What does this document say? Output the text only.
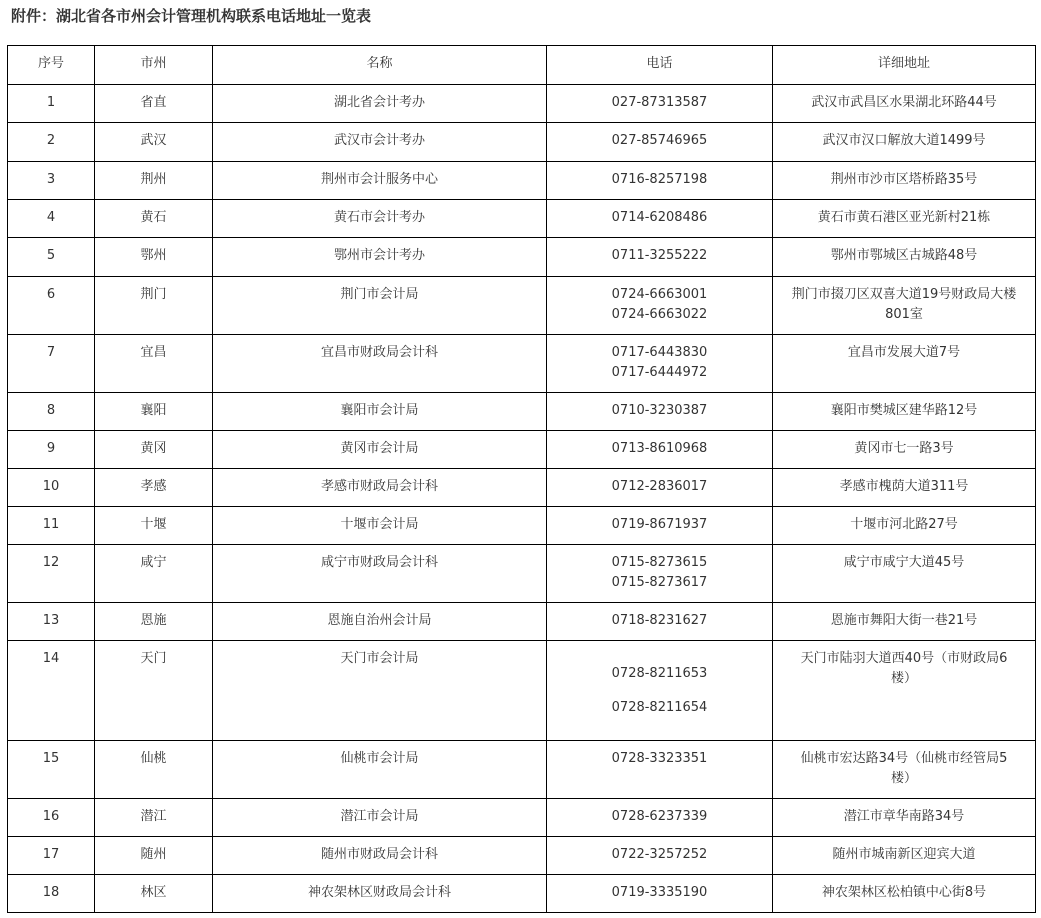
附件：湖北省各市州会计管理机构联系电话地址一览表
序号	市州	名称	电话	详细地址
1	省直	湖北省会计考办	027-87313587	武汉市武昌区水果湖北环路44号

2	武汉	武汉市会计考办	027-85746965	武汉市汉口解放大道1499号

3	荆州	荆州市会计服务中心	0716-8257198	荆州市沙市区塔桥路35号

4	黄石	黄石市会计考办	0714-6208486	黄石市黄石港区亚光新村21栋

5	鄂州	鄂州市会计考办	0711-3255222	鄂州市鄂城区古城路48号

6	荆门	荆门市会计局	0724-6663001
0724-6663022	荆门市掇刀区双喜大道19号财政局大楼
801室

7	宜昌	宜昌市财政局会计科	0717-6443830
0717-6444972	宜昌市发展大道7号

8	襄阳	襄阳市会计局	0710-3230387	襄阳市樊城区建华路12号

9	黄冈	黄冈市会计局	0713-8610968	黄冈市七一路3号

10	孝感	孝感市财政局会计科	0712-2836017	孝感市槐荫大道311号

11	十堰	十堰市会计局	0719-8671937	十堰市河北路27号

12	咸宁	咸宁市财政局会计科	0715-8273615
0715-8273617	咸宁市咸宁大道45号

13	恩施	恩施自治州会计局	0718-8231627	恩施市舞阳大街一巷21号

14	天门	天门市会计局	0728-8211653
0728-8211654	天门市陆羽大道西40号（市财政局6
楼）

15	仙桃	仙桃市会计局	0728-3323351	仙桃市宏达路34号（仙桃市经管局5
楼）

16	潜江	潜江市会计局	0728-6237339	潜江市章华南路34号

17	随州	随州市财政局会计科	0722-3257252	随州市城南新区迎宾大道

18	林区	神农架林区财政局会计科	0719-3335190	神农架林区松柏镇中心街8号
